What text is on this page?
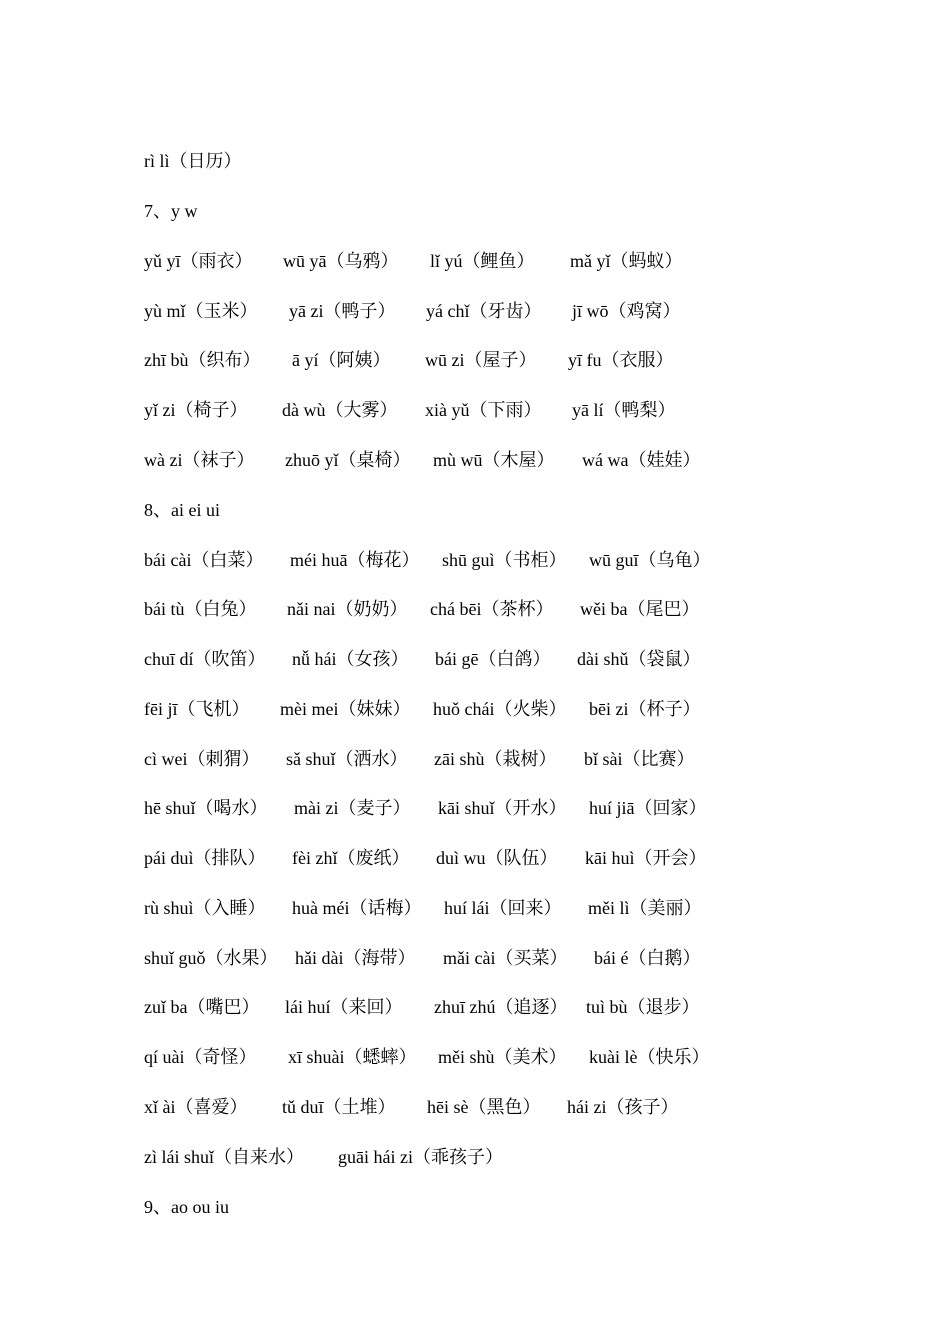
rì lì（日历）

7、y w

yǔ yī（雨衣）

wū yā（乌鸦）

lǐ yú（鲤鱼）

mǎ yǐ（蚂蚁）

yù mǐ（玉米）

yā zi（鸭子）

yá chǐ（牙齿）

jī wō（鸡窝）

zhī bù（织布）

ā yí（阿姨）

wū zi（屋子）

yī fu（衣服）

yǐ zi（椅子）

dà wù（大雾）

xià yǔ（下雨）

yā lí（鸭梨）

wà zi（袜子）

zhuō yǐ（桌椅）

mù wū（木屋）

wá wa（娃娃）

8、ai ei ui

bái cài（白菜）

méi huā（梅花）

shū guì（书柜）

wū guī（乌龟）

bái tù（白兔）

nǎi nai（奶奶）

chá bēi（茶杯）

wěi ba（尾巴）

chuī dí（吹笛）

nǚ hái（女孩）

bái gē（白鸽）

dài shǔ（袋鼠）

fēi jī（飞机）

mèi mei（妹妹）

huǒ chái（火柴）

bēi zi（杯子）

cì wei（刺猬）

sǎ shuǐ（洒水）

zāi shù（栽树）

bǐ sài（比赛）

hē shuǐ（喝水）

mài zi（麦子）

kāi shuǐ（开水）

huí jiā（回家）

pái duì（排队）

fèi zhǐ（废纸）

duì wu（队伍）

kāi huì（开会）

rù shuì（入睡）

huà méi（话梅）

huí lái（回来）

měi lì（美丽）

shuǐ guǒ（水果）

hǎi dài（海带）

mǎi cài（买菜）

bái é（白鹅）

zuǐ ba（嘴巴）

lái huí（来回）

zhuī zhú（追逐）

tuì bù（退步）

qí uài（奇怪）

xī shuài（蟋蟀）

měi shù（美术）

kuài lè（快乐）

xǐ ài（喜爱）

tǔ duī（土堆）

hēi sè（黑色）

hái zi（孩子）

zì lái shuǐ（自来水）

guāi hái zi（乖孩子）

9、ao ou iu
